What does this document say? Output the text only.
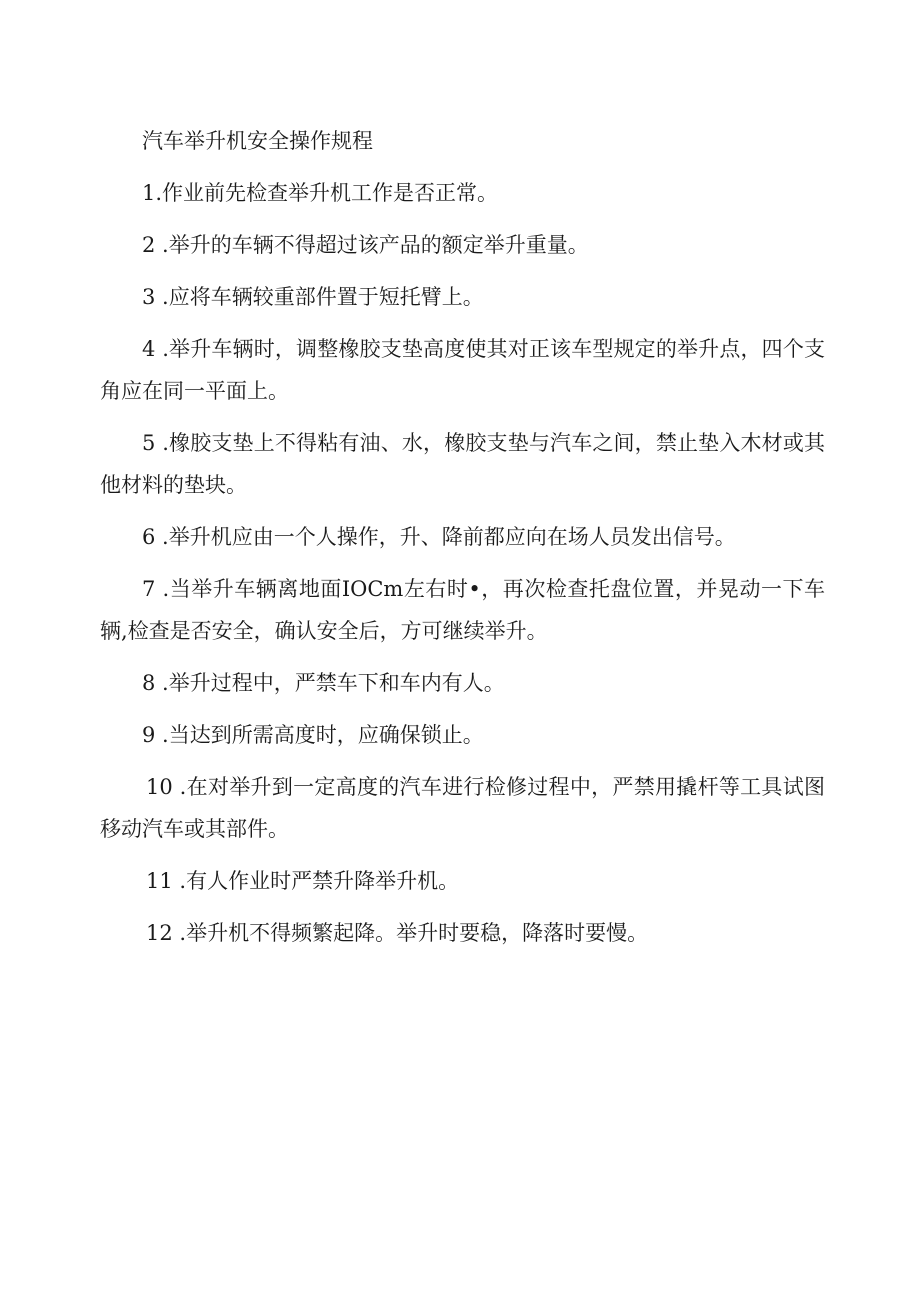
汽车举升机安全操作规程

1.作业前先检查举升机工作是否正常。

2 .举升的车辆不得超过该产品的额定举升重量。

3 .应将车辆较重部件置于短托臂上。

4 .举升车辆时，调整橡胶支垫高度使其对正该车型规定的举升点，四个支角应在同一平面上。

5 .橡胶支垫上不得粘有油、水，橡胶支垫与汽车之间，禁止垫入木材或其他材料的垫块。

6 .举升机应由一个人操作，升、降前都应向在场人员发出信号。

7 .当举升车辆离地面IOCm左右时•，再次检查托盘位置，并晃动一下车辆,检查是否安全，确认安全后，方可继续举升。

8 .举升过程中，严禁车下和车内有人。

9 .当达到所需高度时，应确保锁止。

10 .在对举升到一定高度的汽车进行检修过程中，严禁用撬杆等工具试图移动汽车或其部件。

11 .有人作业时严禁升降举升机。

12 .举升机不得频繁起降。举升时要稳，降落时要慢。
